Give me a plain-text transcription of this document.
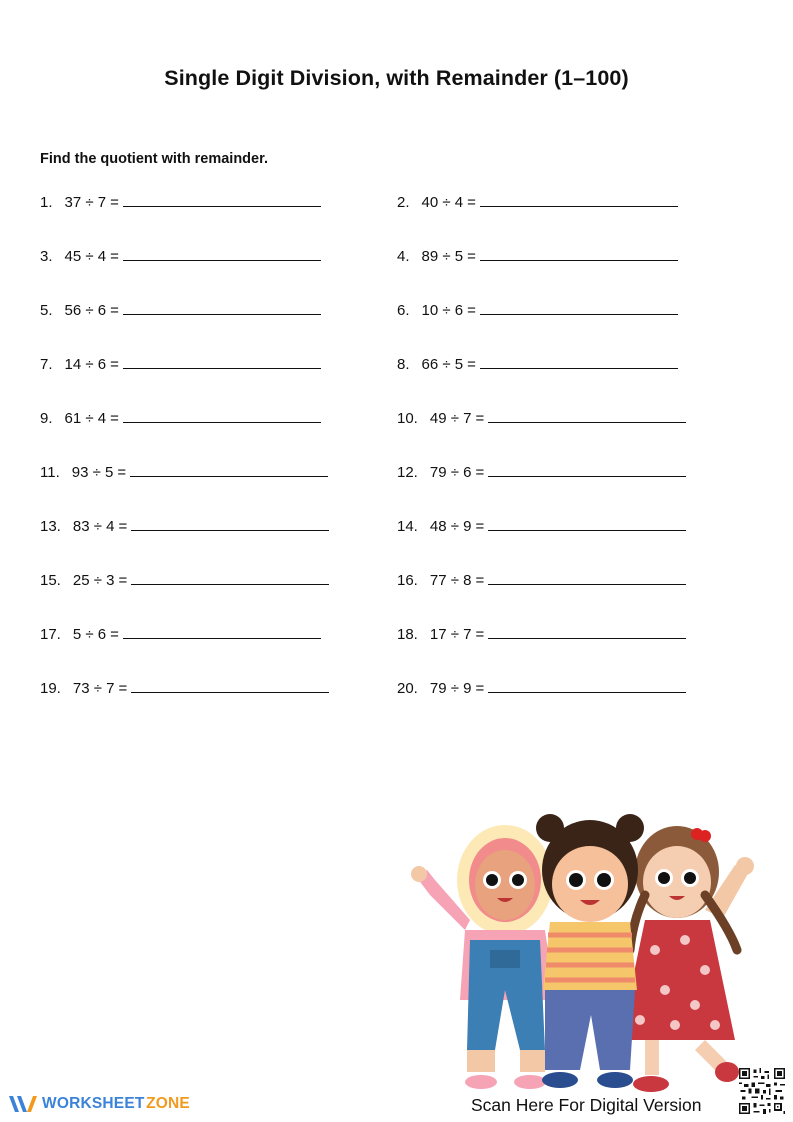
Single Digit Division, with Remainder (1–100)
Find the quotient with remainder.
1. 37 ÷ 7 =
3. 45 ÷ 4 =
5. 56 ÷ 6 =
7. 14 ÷ 6 =
9. 61 ÷ 4 =
11. 93 ÷ 5 =
13. 83 ÷ 4 =
15. 25 ÷ 3 =
17. 5 ÷ 6 =
19. 73 ÷ 7 =
2. 40 ÷ 4 =
4. 89 ÷ 5 =
6. 10 ÷ 6 =
8. 66 ÷ 5 =
10. 49 ÷ 7 =
12. 79 ÷ 6 =
14. 48 ÷ 9 =
16. 77 ÷ 8 =
18. 17 ÷ 7 =
20. 79 ÷ 9 =
WORKSHEET ZONE	Scan Here For Digital Version
